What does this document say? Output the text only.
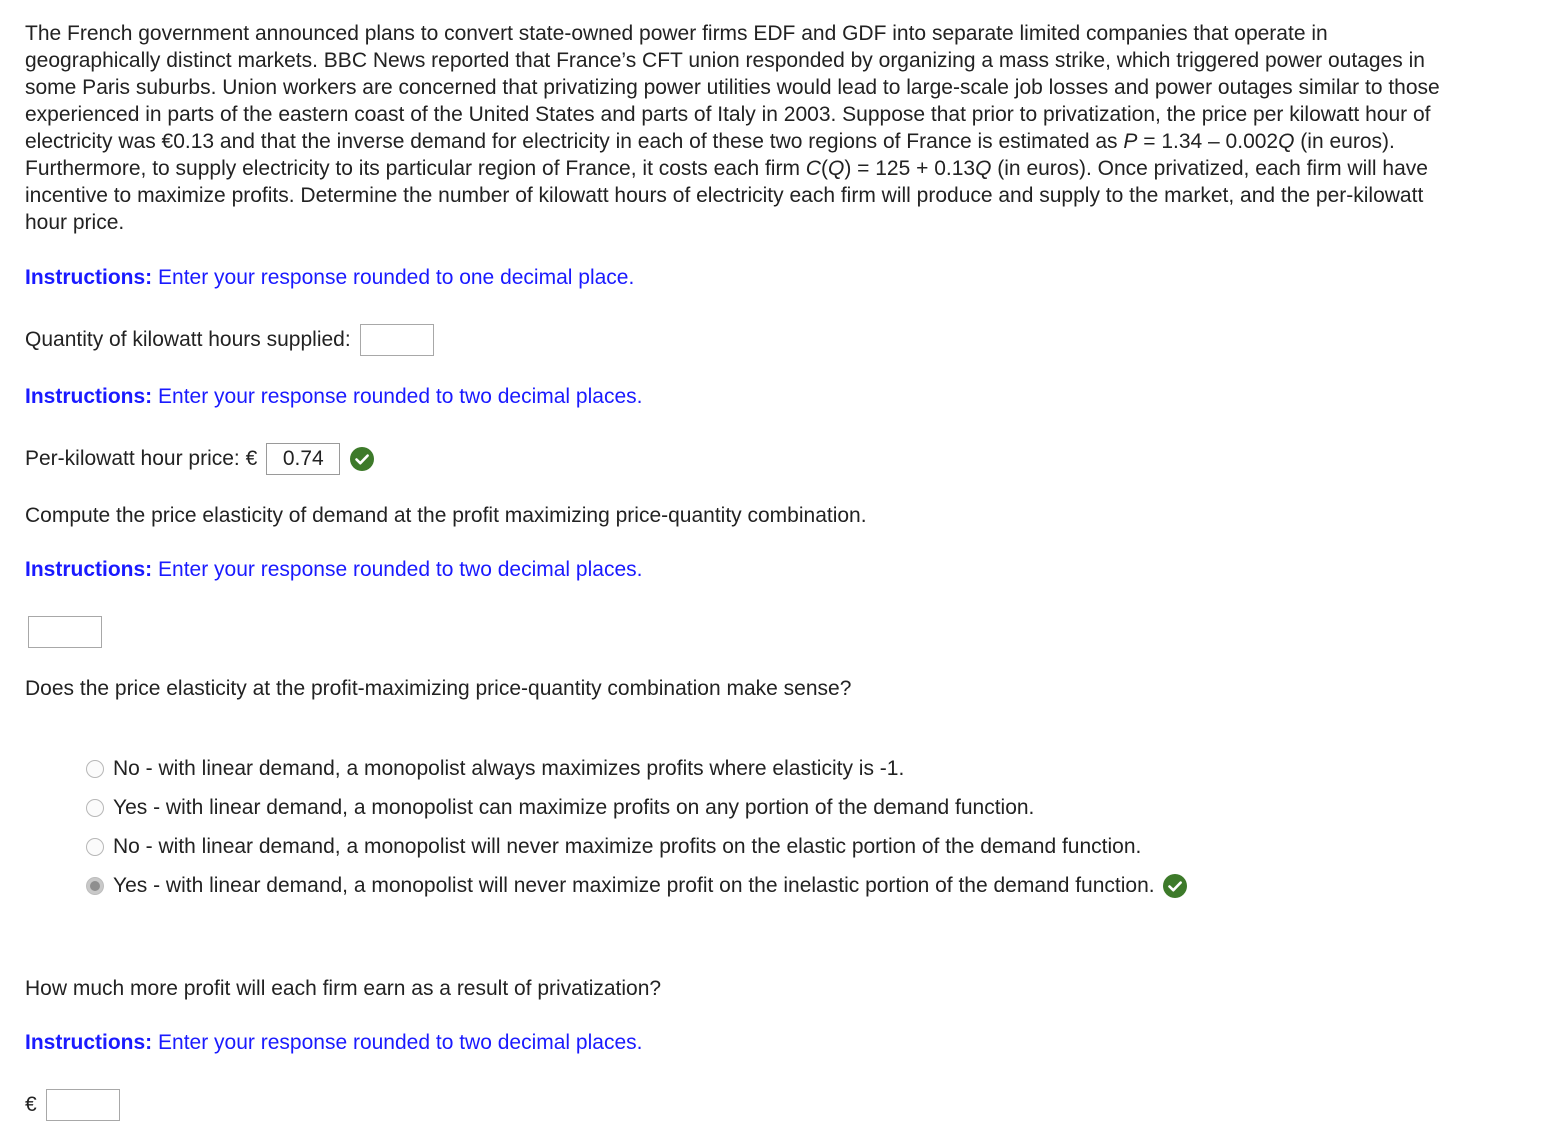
The French government announced plans to convert state-owned power firms EDF and GDF into separate limited companies that operate in geographically distinct markets. BBC News reported that France’s CFT union responded by organizing a mass strike, which triggered power outages in some Paris suburbs. Union workers are concerned that privatizing power utilities would lead to large-scale job losses and power outages similar to those experienced in parts of the eastern coast of the United States and parts of Italy in 2003. Suppose that prior to privatization, the price per kilowatt hour of electricity was €0.13 and that the inverse demand for electricity in each of these two regions of France is estimated as P = 1.34 – 0.002Q (in euros). Furthermore, to supply electricity to its particular region of France, it costs each firm C(Q) = 125 + 0.13Q (in euros). Once privatized, each firm will have incentive to maximize profits. Determine the number of kilowatt hours of electricity each firm will produce and supply to the market, and the per-kilowatt hour price.

Instructions: Enter your response rounded to one decimal place.

Quantity of kilowatt hours supplied:

Instructions: Enter your response rounded to two decimal places.

Per-kilowatt hour price: €	0.74

Compute the price elasticity of demand at the profit maximizing price-quantity combination.

Instructions: Enter your response rounded to two decimal places.

Does the price elasticity at the profit-maximizing price-quantity combination make sense?

No - with linear demand, a monopolist always maximizes profits where elasticity is -1.
Yes - with linear demand, a monopolist can maximize profits on any portion of the demand function.
No - with linear demand, a monopolist will never maximize profits on the elastic portion of the demand function.
Yes - with linear demand, a monopolist will never maximize profit on the inelastic portion of the demand function.

How much more profit will each firm earn as a result of privatization?

Instructions: Enter your response rounded to two decimal places.

€
